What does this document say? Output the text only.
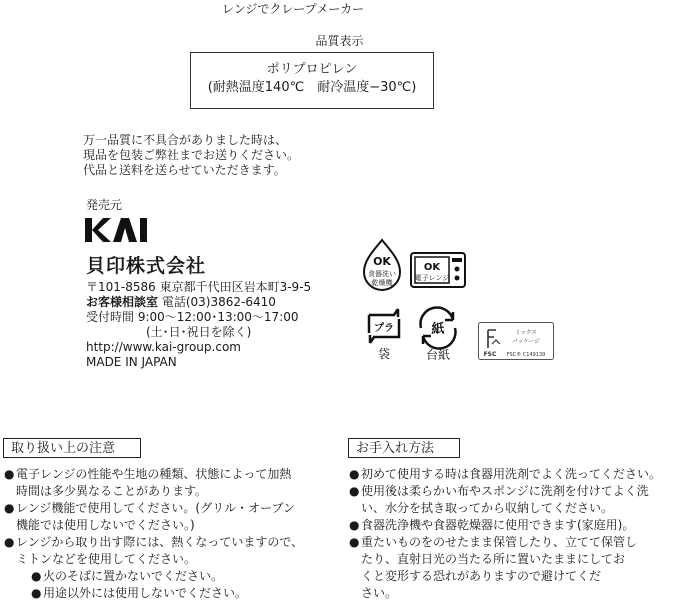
レンジでクレープメーカー
品質表示
ポリプロピレン
(耐熱温度140℃　耐冷温度−30℃)
万一品質に不具合がありました時は、
現品を包装ご弊社までお送りください。
代品と送料を送らせていただきます。
発売元
貝印株式会社
〒101-8586 東京都千代田区岩本町3-9-5
お客様相談室 電話(03)3862-6410
受付時間 9:00〜12:00･13:00〜17:00
(土･日･祝日を除く)
http://www.kai-group.com
MADE IN JAPAN
OK
食器洗い
乾燥機
OK
電子レンジ
プラ
袋
紙
台紙	FSC
ミックス
パッケージ
FSC® C149139
取り扱い上の注意	お手入れ方法
● 電子レンジの性能や生地の種類、状態によって加熱
時間は多少異なることがあります。
● レンジ機能で使用してください。(グリル・オーブン
機能では使用しないでください。)
● レンジから取り出す際には、熱くなっていますので、
ミトンなどを使用してください。
● 火のそばに置かないでください。
● 用途以外には使用しないでください。
● 初めて使用する時は食器用洗剤でよく洗ってください。
● 使用後は柔らかい布やスポンジに洗剤を付けてよく洗
い、水分を拭き取ってから収納してください。
● 食器洗浄機や食器乾燥器に使用できます(家庭用)。
● 重たいものをのせたまま保管したり、立てて保管し
たり、直射日光の当たる所に置いたままにしてお
くと変形する恐れがありますので避けてくだ
さい。
